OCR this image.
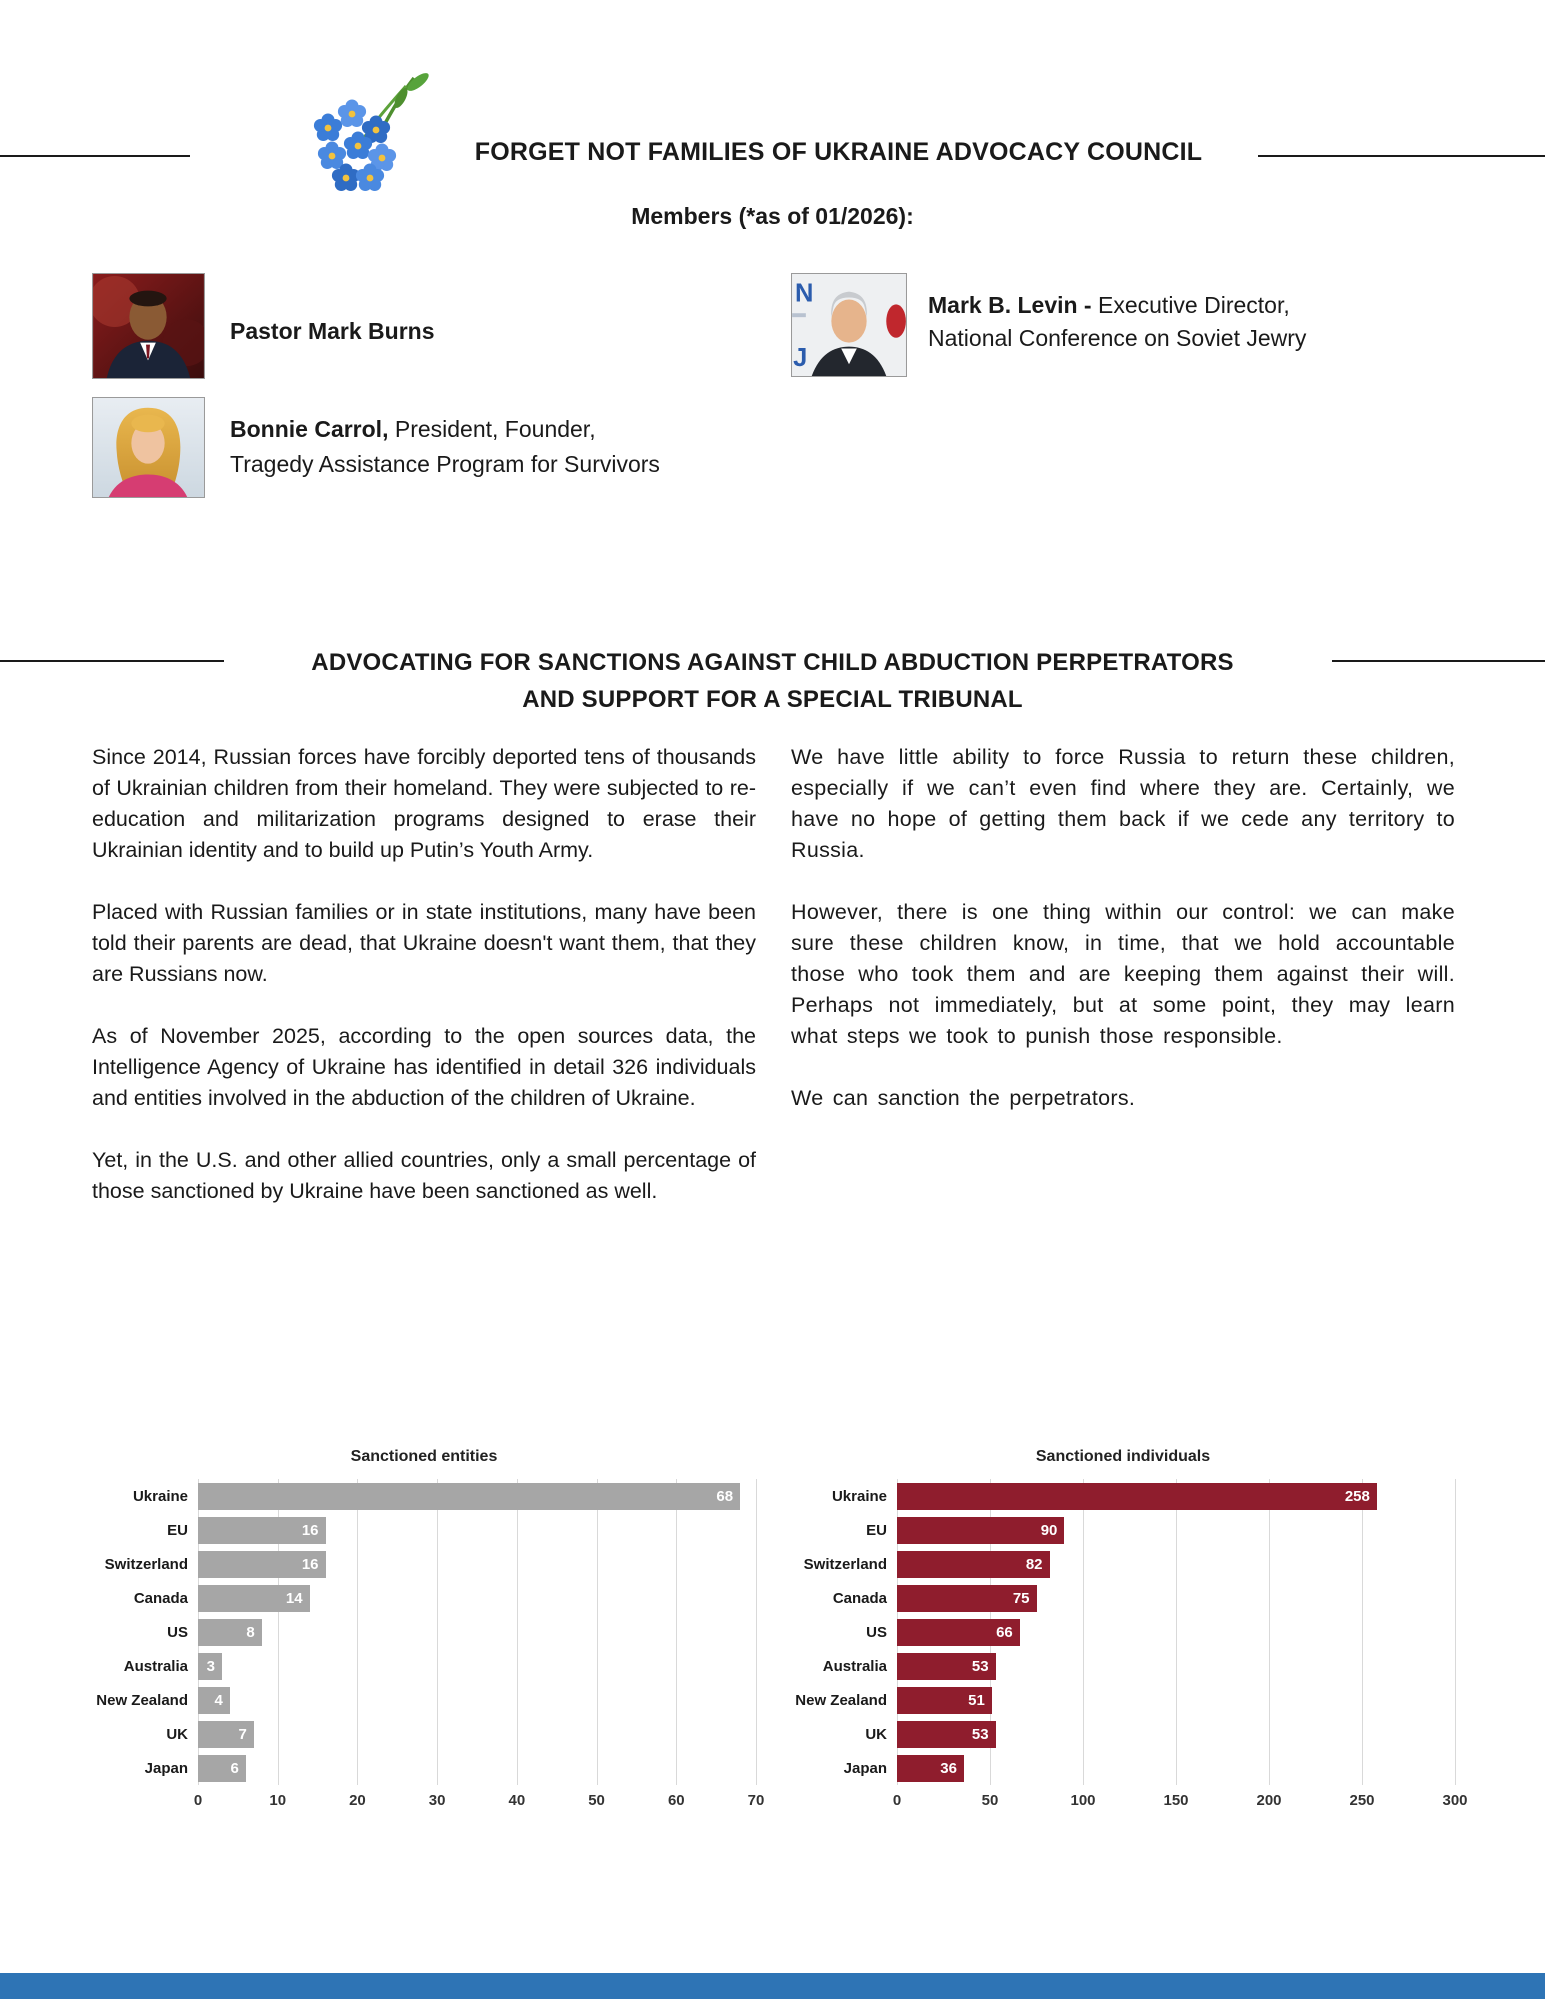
FORGET NOT FAMILIES OF UKRAINE ADVOCACY COUNCIL
Members (*as of 01/2026):
Pastor Mark Burns
N
J
Mark B. Levin - Executive Director,
National Conference on Soviet Jewry
Bonnie Carrol, President, Founder,
Tragedy Assistance Program for Survivors
ADVOCATING FOR SANCTIONS AGAINST CHILD ABDUCTION PERPETRATORS
AND SUPPORT FOR A SPECIAL TRIBUNAL

Since 2014, Russian forces have forcibly deported tens of thousands of Ukrainian children from their homeland. They were subjected to re-education and militarization programs designed to erase their Ukrainian identity and to build up Putin’s Youth Army.

Placed with Russian families or in state institutions, many have been told their parents are dead, that Ukraine doesn't want them, that they are Russians now.

As of November 2025, according to the open sources data, the Intelligence Agency of Ukraine has identified in detail 326 individuals and entities involved in the abduction of the children of Ukraine.

Yet, in the U.S. and other allied countries, only a small percentage of those sanctioned by Ukraine have been sanctioned as well.

We have little ability to force Russia to return these children, especially if we can’t even find where they are. Certainly, we have no hope of getting them back if we cede any territory to Russia.

However, there is one thing within our control: we can make sure these children know, in time, that we hold accountable those who took them and are keeping them against their will. Perhaps not immediately, but at some point, they may learn what steps we took to punish those responsible.

We can sanction the perpetrators.

Sanctioned entities
Ukraine	68
EU	16
Switzerland	16
Canada	14
US	8
Australia	3
New Zealand	4
UK	7
Japan	6
0	10	20	30	40	50	60	70
Sanctioned individuals
Ukraine	258
EU	90
Switzerland	82
Canada	75
US	66
Australia	53
New Zealand	51
UK	53
Japan	36
0	50	100	150	200	250	300
